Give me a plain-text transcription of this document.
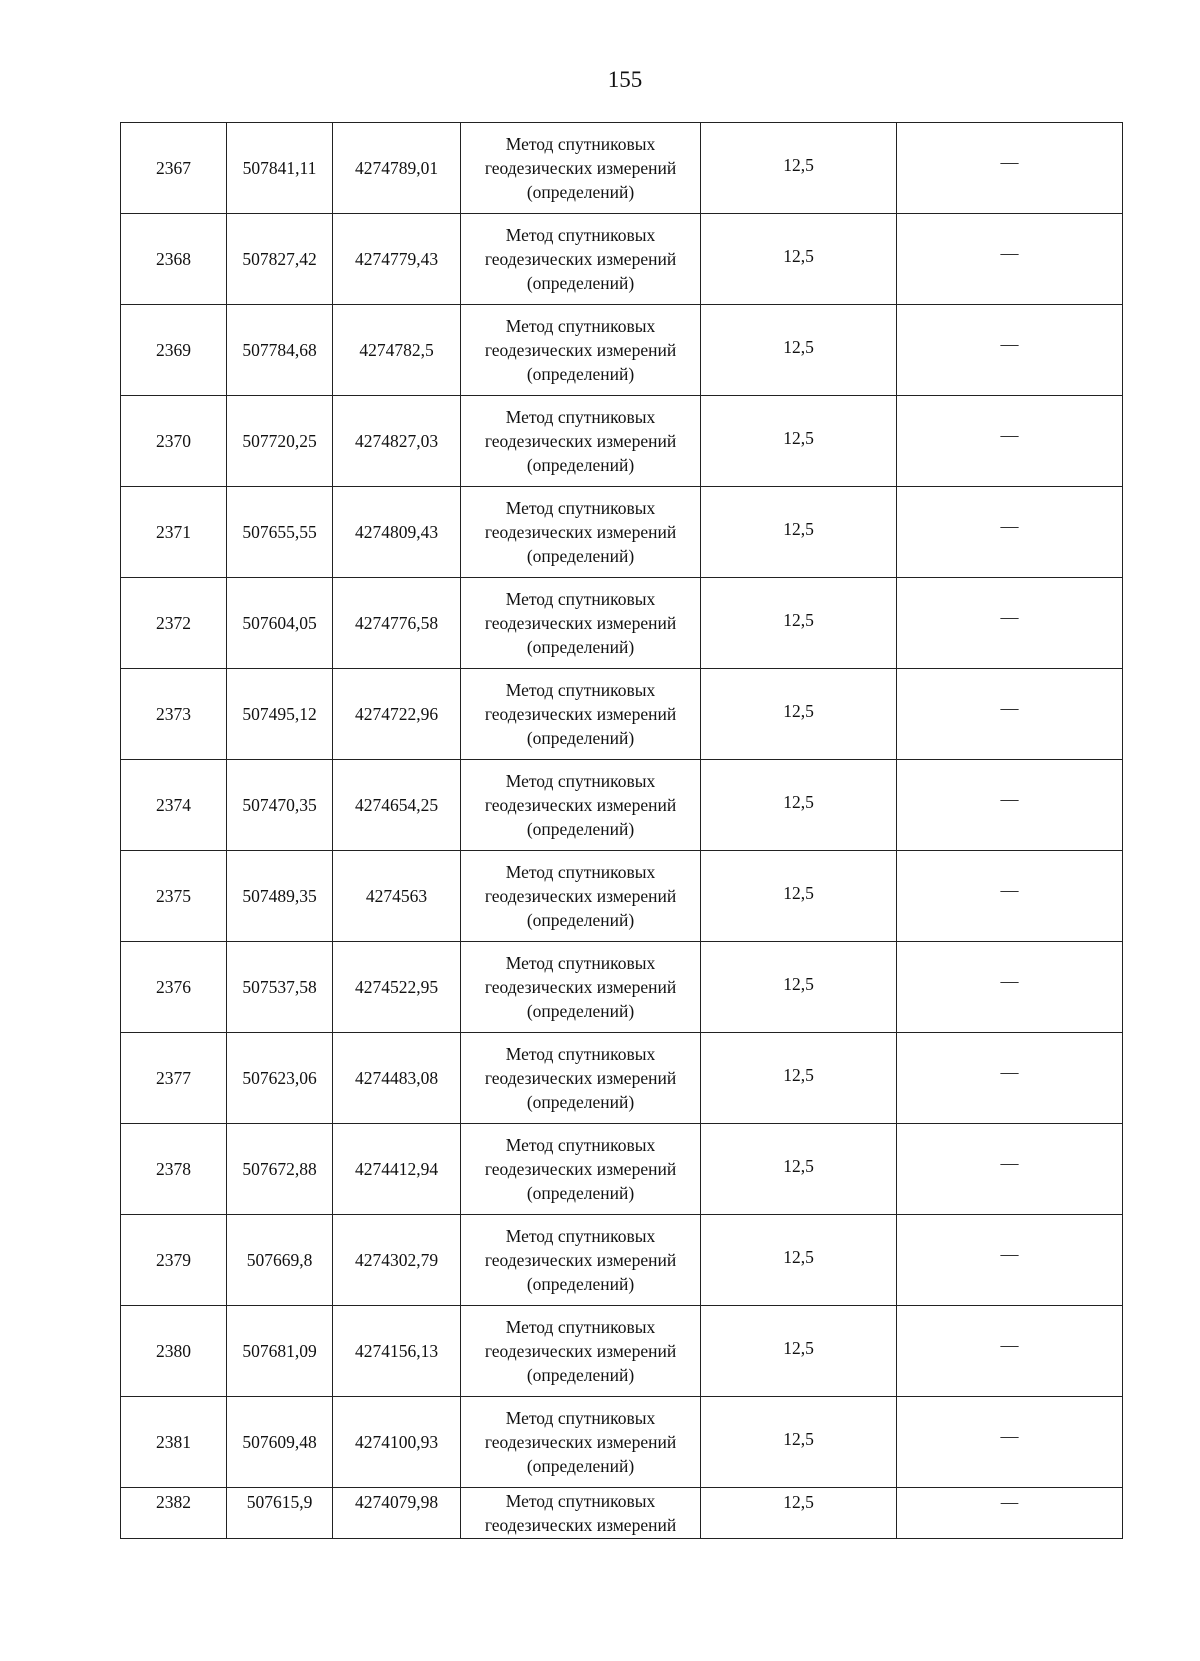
155
2367	507841,11	4274789,01	Метод спутниковых
геодезических измерений
(определений)	12,5	—
2368	507827,42	4274779,43	Метод спутниковых
геодезических измерений
(определений)	12,5	—
2369	507784,68	4274782,5	Метод спутниковых
геодезических измерений
(определений)	12,5	—
2370	507720,25	4274827,03	Метод спутниковых
геодезических измерений
(определений)	12,5	—
2371	507655,55	4274809,43	Метод спутниковых
геодезических измерений
(определений)	12,5	—
2372	507604,05	4274776,58	Метод спутниковых
геодезических измерений
(определений)	12,5	—
2373	507495,12	4274722,96	Метод спутниковых
геодезических измерений
(определений)	12,5	—
2374	507470,35	4274654,25	Метод спутниковых
геодезических измерений
(определений)	12,5	—
2375	507489,35	4274563	Метод спутниковых
геодезических измерений
(определений)	12,5	—
2376	507537,58	4274522,95	Метод спутниковых
геодезических измерений
(определений)	12,5	—
2377	507623,06	4274483,08	Метод спутниковых
геодезических измерений
(определений)	12,5	—
2378	507672,88	4274412,94	Метод спутниковых
геодезических измерений
(определений)	12,5	—
2379	507669,8	4274302,79	Метод спутниковых
геодезических измерений
(определений)	12,5	—
2380	507681,09	4274156,13	Метод спутниковых
геодезических измерений
(определений)	12,5	—
2381	507609,48	4274100,93	Метод спутниковых
геодезических измерений
(определений)	12,5	—
2382	507615,9	4274079,98	Метод спутниковых
геодезических измерений	12,5	—
